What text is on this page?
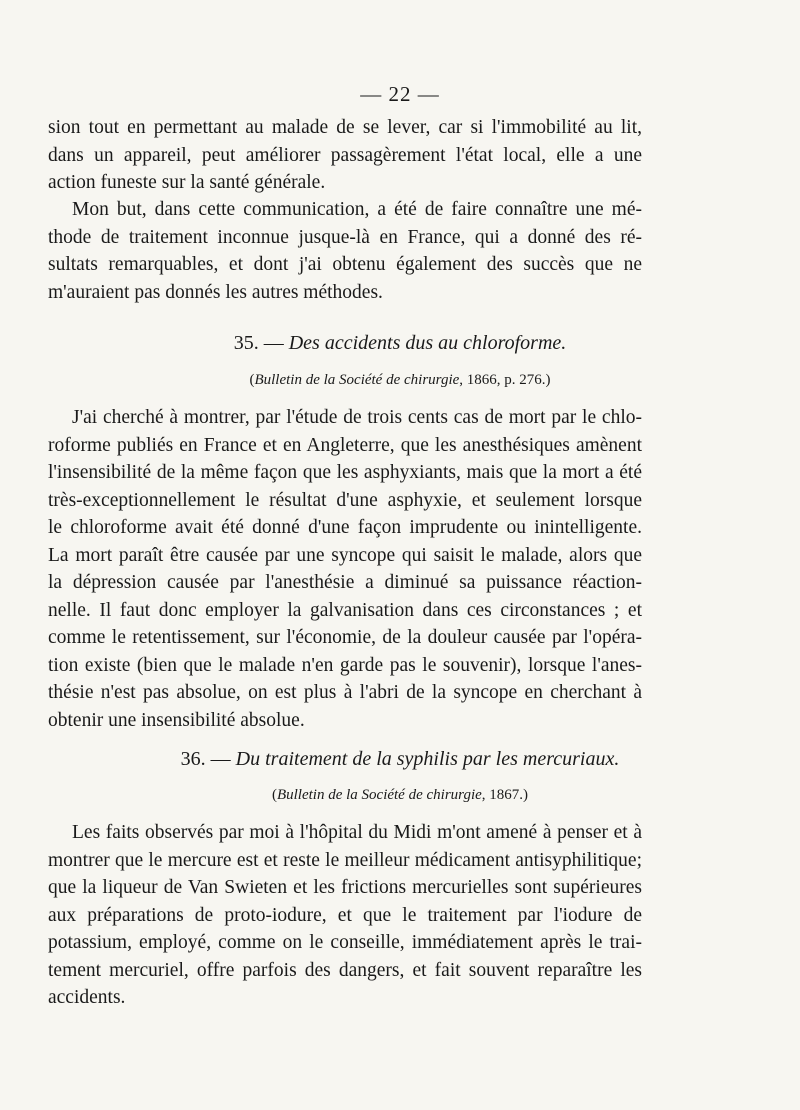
— 22 —
sion tout en permettant au malade de se lever, car si l'immobilité au lit,
dans un appareil, peut améliorer passagèrement l'état local, elle a une
action funeste sur la santé générale.
Mon but, dans cette communication, a été de faire connaître une mé-
thode de traitement inconnue jusque-là en France, qui a donné des ré-
sultats remarquables, et dont j'ai obtenu également des succès que ne
m'auraient pas donnés les autres méthodes.
35. — Des accidents dus au chloroforme.
(Bulletin de la Société de chirurgie, 1866, p. 276.)
J'ai cherché à montrer, par l'étude de trois cents cas de mort par le chlo-
roforme publiés en France et en Angleterre, que les anesthésiques amènent
l'insensibilité de la même façon que les asphyxiants, mais que la mort a été
très-exceptionnellement le résultat d'une asphyxie, et seulement lorsque
le chloroforme avait été donné d'une façon imprudente ou inintelligente.
La mort paraît être causée par une syncope qui saisit le malade, alors que
la dépression causée par l'anesthésie a diminué sa puissance réaction-
nelle. Il faut donc employer la galvanisation dans ces circonstances ; et
comme le retentissement, sur l'économie, de la douleur causée par l'opéra-
tion existe (bien que le malade n'en garde pas le souvenir), lorsque l'anes-
thésie n'est pas absolue, on est plus à l'abri de la syncope en cherchant à
obtenir une insensibilité absolue.
36. — Du traitement de la syphilis par les mercuriaux.
(Bulletin de la Société de chirurgie, 1867.)
Les faits observés par moi à l'hôpital du Midi m'ont amené à penser et à
montrer que le mercure est et reste le meilleur médicament antisyphilitique;
que la liqueur de Van Swieten et les frictions mercurielles sont supérieures
aux préparations de proto-iodure, et que le traitement par l'iodure de
potassium, employé, comme on le conseille, immédiatement après le trai-
tement mercuriel, offre parfois des dangers, et fait souvent reparaître les
accidents.
